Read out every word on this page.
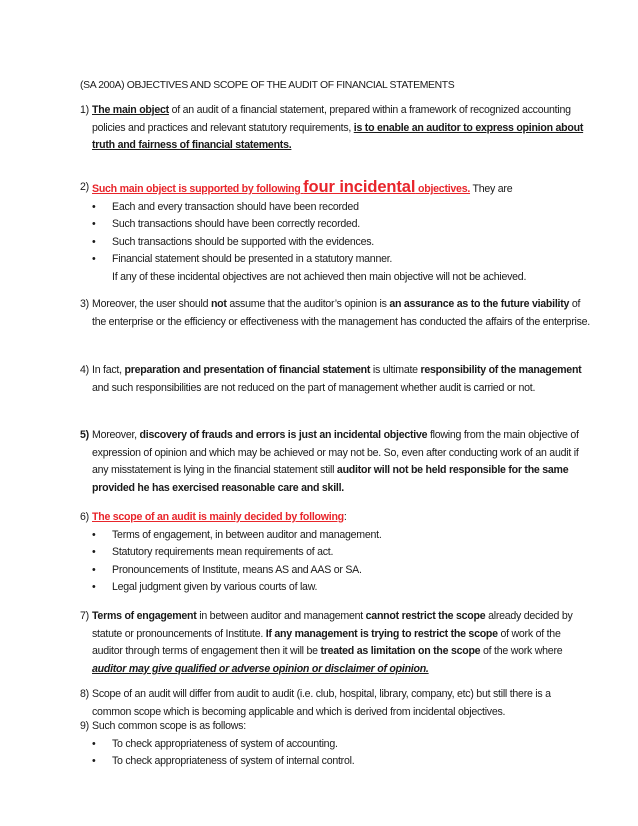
(SA 200A) OBJECTIVES AND SCOPE OF THE AUDIT OF FINANCIAL STATEMENTS
1) The main object of an audit of a financial statement, prepared within a framework of recognized accounting policies and practices and relevant statutory requirements, is to enable an auditor to express opinion about truth and fairness of financial statements.
2) Such main object is supported by following four incidental objectives. They are
• Each and every transaction should have been recorded
• Such transactions should have been correctly recorded.
• Such transactions should be supported with the evidences.
• Financial statement should be presented in a statutory manner.
If any of these incidental objectives are not achieved then main objective will not be achieved.
3) Moreover, the user should not assume that the auditor’s opinion is an assurance as to the future viability of the enterprise or the efficiency or effectiveness with the management has conducted the affairs of the enterprise.
4) In fact, preparation and presentation of financial statement is ultimate responsibility of the management and such responsibilities are not reduced on the part of management whether audit is carried or not.
5) Moreover, discovery of frauds and errors is just an incidental objective flowing from the main objective of expression of opinion and which may be achieved or may not be. So, even after conducting work of an audit if any misstatement is lying in the financial statement still auditor will not be held responsible for the same provided he has exercised reasonable care and skill.
6) The scope of an audit is mainly decided by following:
• Terms of engagement, in between auditor and management.
• Statutory requirements mean requirements of act.
• Pronouncements of Institute, means AS and AAS or SA.
• Legal judgment given by various courts of law.
7) Terms of engagement in between auditor and management cannot restrict the scope already decided by statute or pronouncements of Institute. If any management is trying to restrict the scope of work of the auditor through terms of engagement then it will be treated as limitation on the scope of the work where auditor may give qualified or adverse opinion or disclaimer of opinion.
8) Scope of an audit will differ from audit to audit (i.e. club, hospital, library, company, etc) but still there is a common scope which is becoming applicable and which is derived from incidental objectives.
9) Such common scope is as follows:
• To check appropriateness of system of accounting.
• To check appropriateness of system of internal control.
